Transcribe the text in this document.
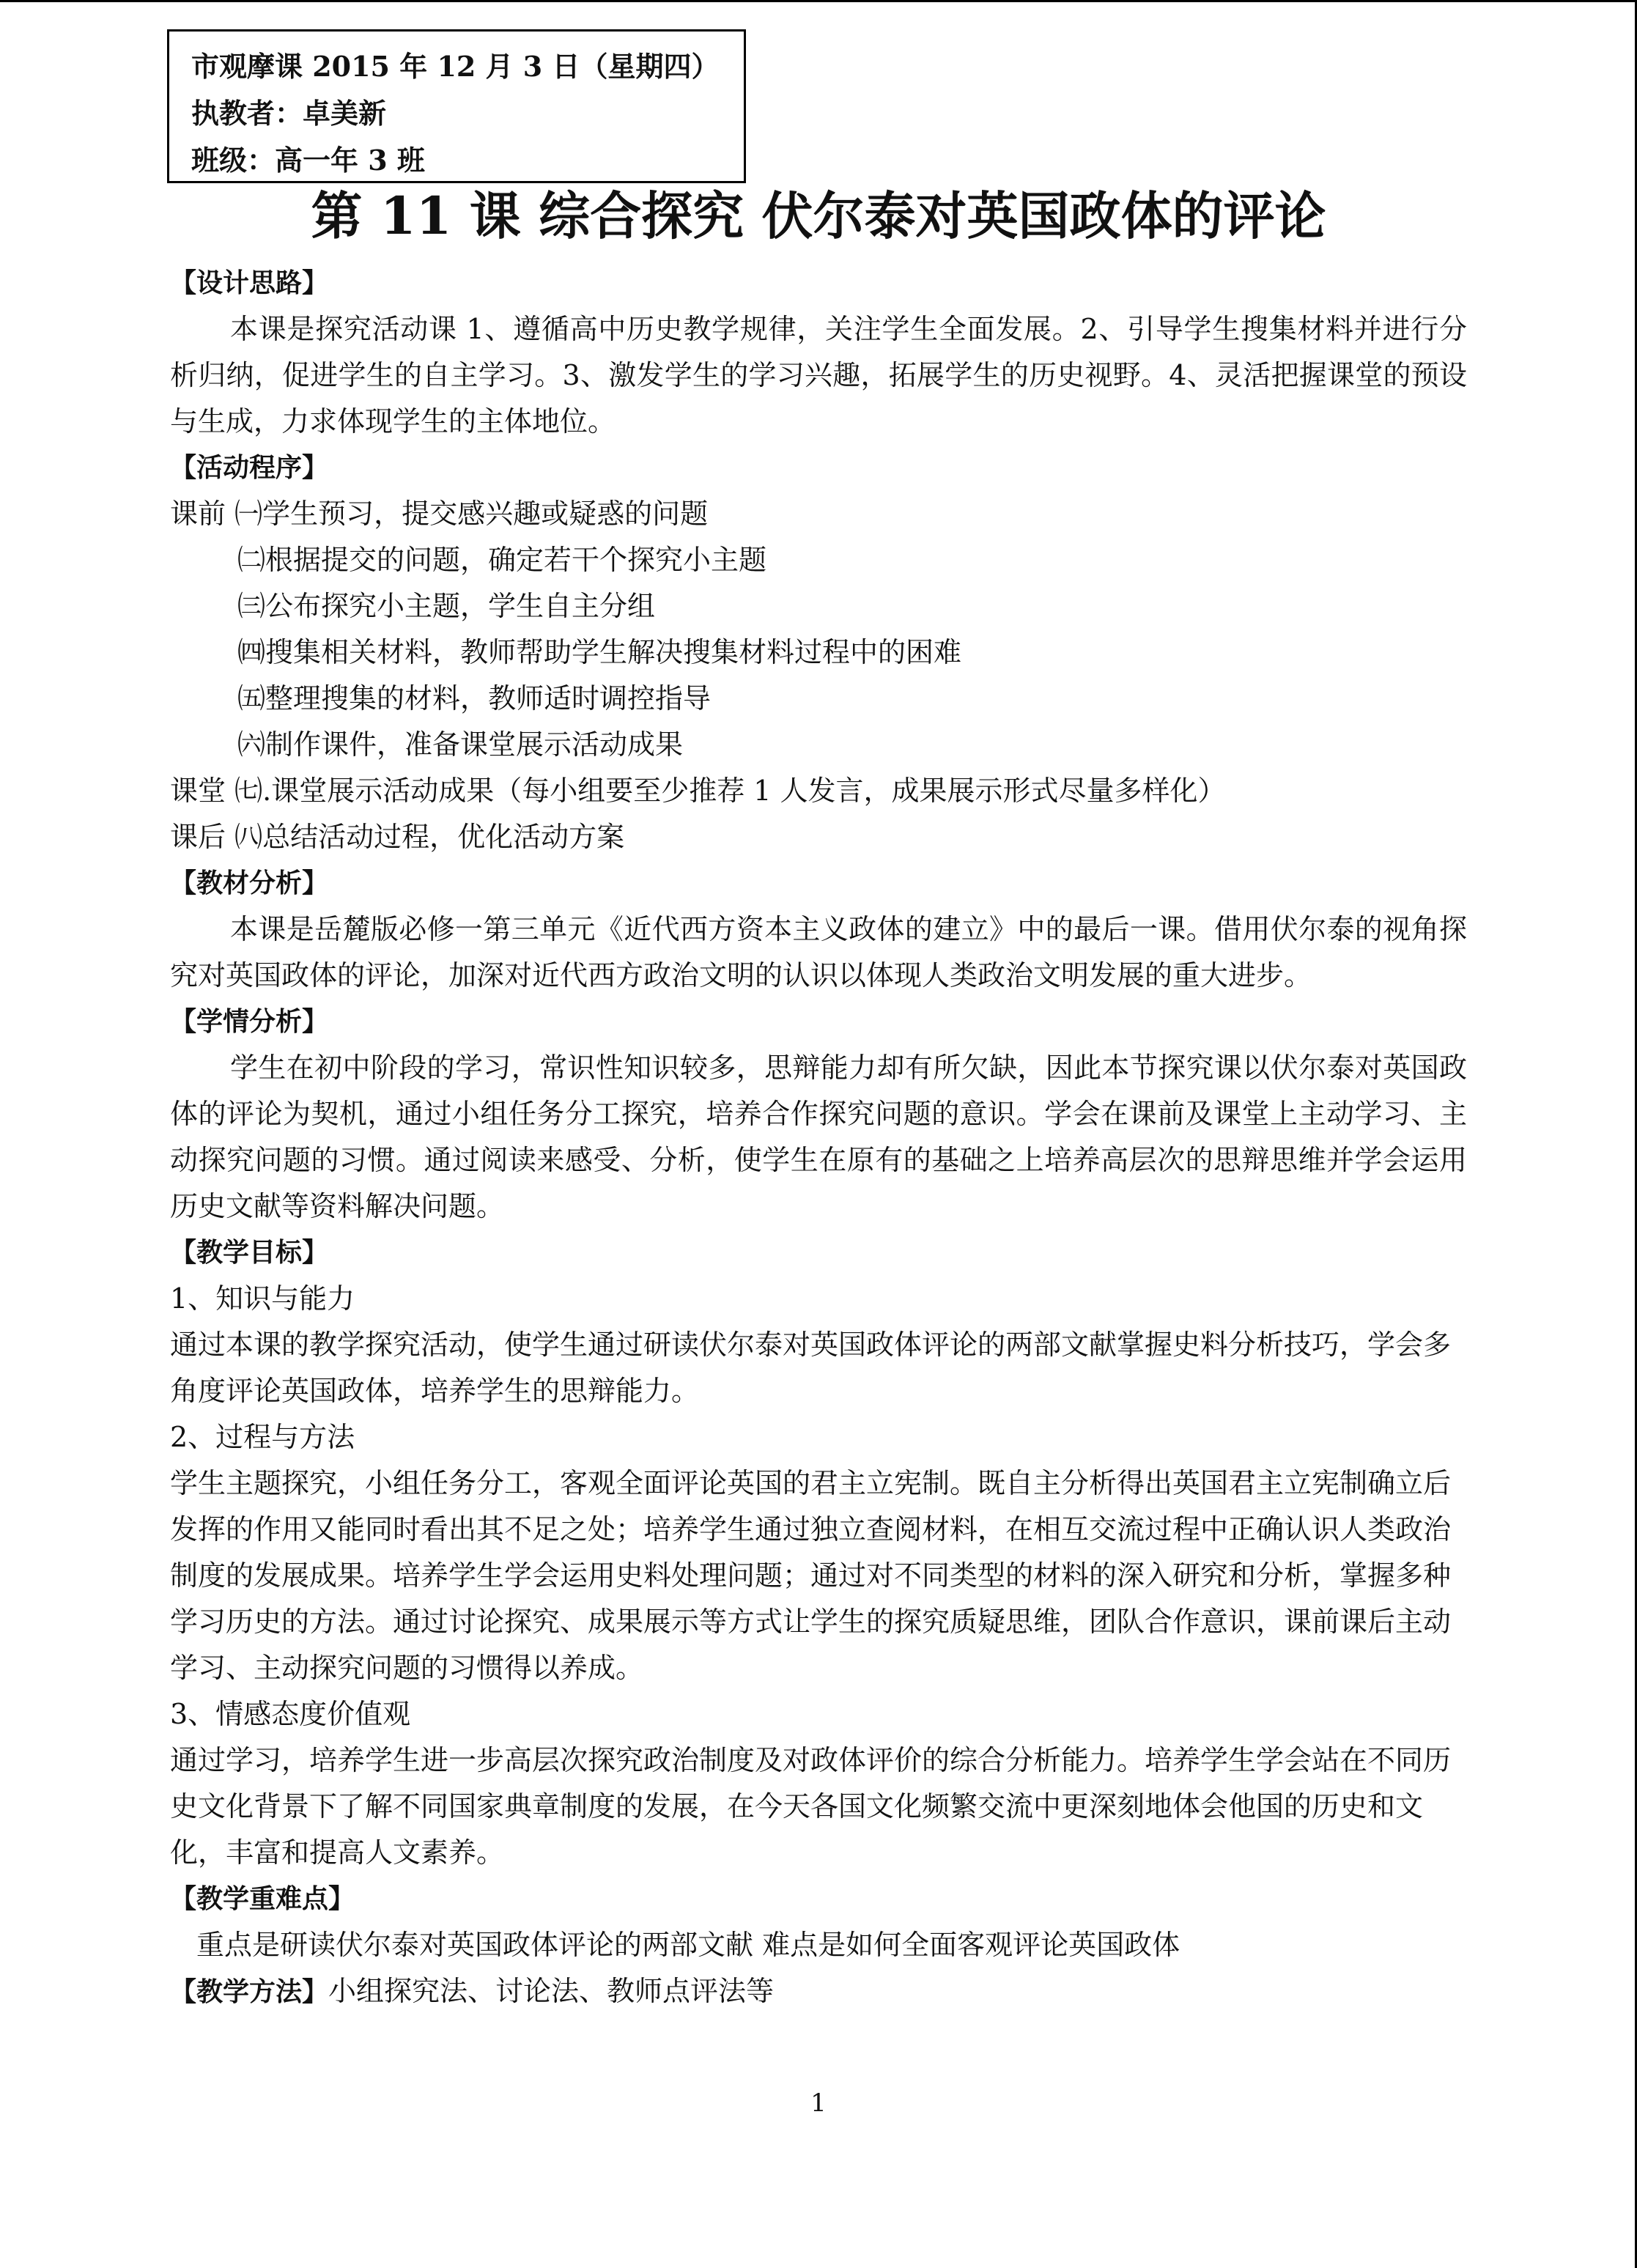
市观摩课 2015 年 12 月 3 日（星期四）
执教者：卓美新
班级：高一年 3 班
第 11 课 综合探究 伏尔泰对英国政体的评论
【设计思路】

本课是探究活动课 1、遵循高中历史教学规律，关注学生全面发展。2、引导学生搜集材料并进行分析归纳，促进学生的自主学习。3、激发学生的学习兴趣，拓展学生的历史视野。4、灵活把握课堂的预设与生成，力求体现学生的主体地位。

【活动程序】
课前 ㈠学生预习，提交感兴趣或疑惑的问题
㈡根据提交的问题，确定若干个探究小主题
㈢公布探究小主题，学生自主分组
㈣搜集相关材料，教师帮助学生解决搜集材料过程中的困难
㈤整理搜集的材料，教师适时调控指导
㈥制作课件，准备课堂展示活动成果
课堂 ㈦.课堂展示活动成果（每小组要至少推荐 1 人发言，成果展示形式尽量多样化）
课后 ㈧总结活动过程，优化活动方案
【教材分析】

本课是岳麓版必修一第三单元《近代西方资本主义政体的建立》中的最后一课。借用伏尔泰的视角探究对英国政体的评论，加深对近代西方政治文明的认识以体现人类政治文明发展的重大进步。

【学情分析】

学生在初中阶段的学习，常识性知识较多，思辩能力却有所欠缺，因此本节探究课以伏尔泰对英国政体的评论为契机，通过小组任务分工探究，培养合作探究问题的意识。学会在课前及课堂上主动学习、主动探究问题的习惯。通过阅读来感受、分析，使学生在原有的基础之上培养高层次的思辩思维并学会运用历史文献等资料解决问题。

【教学目标】
1、知识与能力

通过本课的教学探究活动，使学生通过研读伏尔泰对英国政体评论的两部文献掌握史料分析技巧，学会多角度评论英国政体，培养学生的思辩能力。

2、过程与方法

学生主题探究，小组任务分工，客观全面评论英国的君主立宪制。既自主分析得出英国君主立宪制确立后发挥的作用又能同时看出其不足之处；培养学生通过独立查阅材料，在相互交流过程中正确认识人类政治制度的发展成果。培养学生学会运用史料处理问题；通过对不同类型的材料的深入研究和分析，掌握多种学习历史的方法。通过讨论探究、成果展示等方式让学生的探究质疑思维，团队合作意识，课前课后主动学习、主动探究问题的习惯得以养成。

3、情感态度价值观

通过学习，培养学生进一步高层次探究政治制度及对政体评价的综合分析能力。培养学生学会站在不同历史文化背景下了解不同国家典章制度的发展，在今天各国文化频繁交流中更深刻地体会他国的历史和文化，丰富和提高人文素养。

【教学重难点】
重点是研读伏尔泰对英国政体评论的两部文献 难点是如何全面客观评论英国政体
【教学方法】小组探究法、讨论法、教师点评法等
1
